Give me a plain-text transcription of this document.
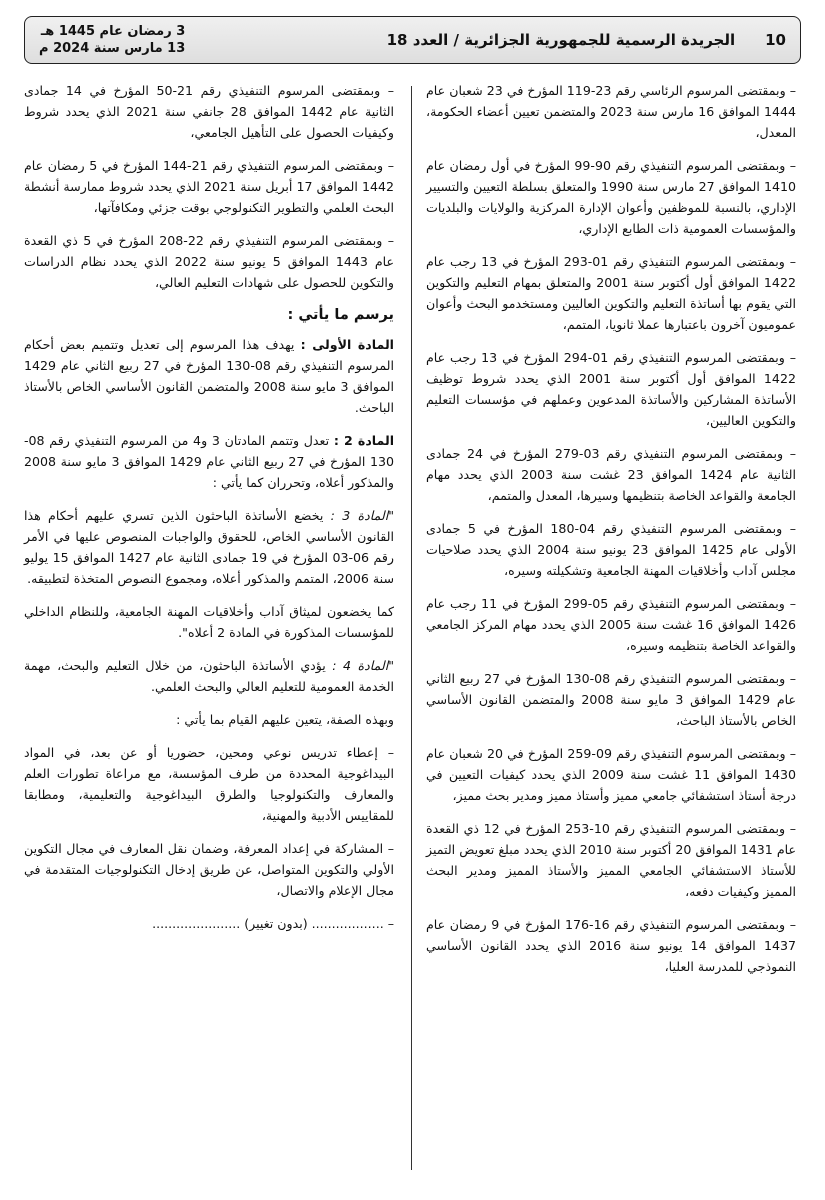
10
الجريدة الرسمية للجمهورية الجزائرية / العدد 18
3 رمضان عام 1445 هـ
13 مارس سنة 2024 م

– وبمقتضى المرسوم الرئاسي رقم 23-119 المؤرخ في 23 شعبان عام 1444 الموافق 16 مارس سنة 2023 والمتضمن تعيين أعضاء الحكومة، المعدل،

– وبمقتضى المرسوم التنفيذي رقم 90-99 المؤرخ في أول رمضان عام 1410 الموافق 27 مارس سنة 1990 والمتعلق بسلطة التعيين والتسيير الإداري، بالنسبة للموظفين وأعوان الإدارة المركزية والولايات والبلديات والمؤسسات العمومية ذات الطابع الإداري،

– وبمقتضى المرسوم التنفيذي رقم 01-293 المؤرخ في 13 رجب عام 1422 الموافق أول أكتوبر سنة 2001 والمتعلق بمهام التعليم والتكوين التي يقوم بها أساتذة التعليم والتكوين العاليين ومستخدمو البحث وأعوان عموميون آخرون باعتبارها عملا ثانويا، المتمم،

– وبمقتضى المرسوم التنفيذي رقم 01-294 المؤرخ في 13 رجب عام 1422 الموافق أول أكتوبر سنة 2001 الذي يحدد شروط توظيف الأساتذة المشاركين والأساتذة المدعوين وعملهم في مؤسسات التعليم والتكوين العاليين،

– وبمقتضى المرسوم التنفيذي رقم 03-279 المؤرخ في 24 جمادى الثانية عام 1424 الموافق 23 غشت سنة 2003 الذي يحدد مهام الجامعة والقواعد الخاصة بتنظيمها وسيرها، المعدل والمتمم،

– وبمقتضى المرسوم التنفيذي رقم 04-180 المؤرخ في 5 جمادى الأولى عام 1425 الموافق 23 يونيو سنة 2004 الذي يحدد صلاحيات مجلس آداب وأخلاقيات المهنة الجامعية وتشكيلته وسيره،

– وبمقتضى المرسوم التنفيذي رقم 05-299 المؤرخ في 11 رجب عام 1426 الموافق 16 غشت سنة 2005 الذي يحدد مهام المركز الجامعي والقواعد الخاصة بتنظيمه وسيره،

– وبمقتضى المرسوم التنفيذي رقم 08-130 المؤرخ في 27 ربيع الثاني عام 1429 الموافق 3 مايو سنة 2008 والمتضمن القانون الأساسي الخاص بالأستاذ الباحث،

– وبمقتضى المرسوم التنفيذي رقم 09-259 المؤرخ في 20 شعبان عام 1430 الموافق 11 غشت سنة 2009 الذي يحدد كيفيات التعيين في درجة أستاذ استشفائي جامعي مميز وأستاذ مميز ومدير بحث مميز،

– وبمقتضى المرسوم التنفيذي رقم 10-253 المؤرخ في 12 ذي القعدة عام 1431 الموافق 20 أكتوبر سنة 2010 الذي يحدد مبلغ تعويض التميز للأستاذ الاستشفائي الجامعي المميز والأستاذ المميز ومدير البحث المميز وكيفيات دفعه،

– وبمقتضى المرسوم التنفيذي رقم 16-176 المؤرخ في 9 رمضان عام 1437 الموافق 14 يونيو سنة 2016 الذي يحدد القانون الأساسي النموذجي للمدرسة العليا،

– وبمقتضى المرسوم التنفيذي رقم 21-50 المؤرخ في 14 جمادى الثانية عام 1442 الموافق 28 جانفي سنة 2021 الذي يحدد شروط وكيفيات الحصول على التأهيل الجامعي،

– وبمقتضى المرسوم التنفيذي رقم 21-144 المؤرخ في 5 رمضان عام 1442 الموافق 17 أبريل سنة 2021 الذي يحدد شروط ممارسة أنشطة البحث العلمي والتطوير التكنولوجي بوقت جزئي ومكافآتها،

– وبمقتضى المرسوم التنفيذي رقم 22-208 المؤرخ في 5 ذي القعدة عام 1443 الموافق 5 يونيو سنة 2022 الذي يحدد نظام الدراسات والتكوين للحصول على شهادات التعليم العالي،

يرسم ما يأتي :

المادة الأولى : يهدف هذا المرسوم إلى تعديل وتتميم بعض أحكام المرسوم التنفيذي رقم 08-130 المؤرخ في 27 ربيع الثاني عام 1429 الموافق 3 مايو سنة 2008 والمتضمن القانون الأساسي الخاص بالأستاذ الباحث.

المادة 2 : تعدل وتتمم المادتان 3 و4 من المرسوم التنفيذي رقم 08-130 المؤرخ في 27 ربيع الثاني عام 1429 الموافق 3 مايو سنة 2008 والمذكور أعلاه، وتحرران كما يأتي :

"المادة 3 : يخضع الأساتذة الباحثون الذين تسري عليهم أحكام هذا القانون الأساسي الخاص، للحقوق والواجبات المنصوص عليها في الأمر رقم 06-03 المؤرخ في 19 جمادى الثانية عام 1427 الموافق 15 يوليو سنة 2006، المتمم والمذكور أعلاه، ومجموع النصوص المتخذة لتطبيقه.

كما يخضعون لميثاق آداب وأخلاقيات المهنة الجامعية، وللنظام الداخلي للمؤسسات المذكورة في المادة 2 أعلاه".

"المادة 4 : يؤدي الأساتذة الباحثون، من خلال التعليم والبحث، مهمة الخدمة العمومية للتعليم العالي والبحث العلمي.

وبهذه الصفة، يتعين عليهم القيام بما يأتي :

– إعطاء تدريس نوعي ومحين، حضوريا أو عن بعد، في المواد البيداغوجية المحددة من طرف المؤسسة، مع مراعاة تطورات العلم والمعارف والتكنولوجيا والطرق البيداغوجية والتعليمية، ومطابقا للمقاييس الأدبية والمهنية،

– المشاركة في إعداد المعرفة، وضمان نقل المعارف في مجال التكوين الأولي والتكوين المتواصل، عن طريق إدخال التكنولوجيات المتقدمة في مجال الإعلام والاتصال،

– .................. (بدون تغيير) ......................
